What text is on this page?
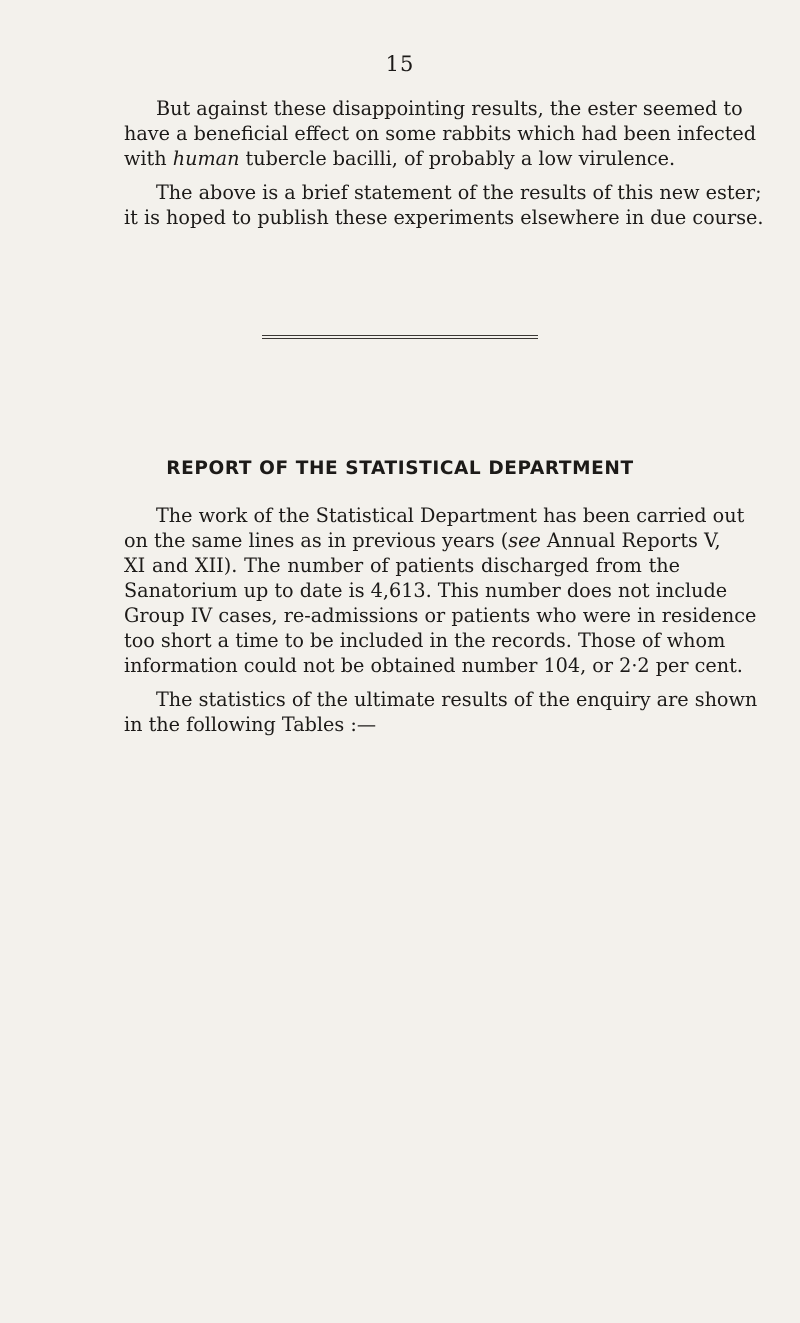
15
But against these disappointing results, the ester seemed to
have a beneficial effect on some rabbits which had been infected
with human tubercle bacilli, of probably a low virulence.
The above is a brief statement of the results of this new ester;
it is hoped to publish these experiments elsewhere in due course.
REPORT OF THE STATISTICAL DEPARTMENT
The work of the Statistical Department has been carried out
on the same lines as in previous years (see Annual Reports V,
XI and XII). The number of patients discharged from the
Sanatorium up to date is 4,613. This number does not include
Group IV cases, re-admissions or patients who were in residence
too short a time to be included in the records. Those of whom
information could not be obtained number 104, or 2·2 per cent.
The statistics of the ultimate results of the enquiry are shown
in the following Tables :—
